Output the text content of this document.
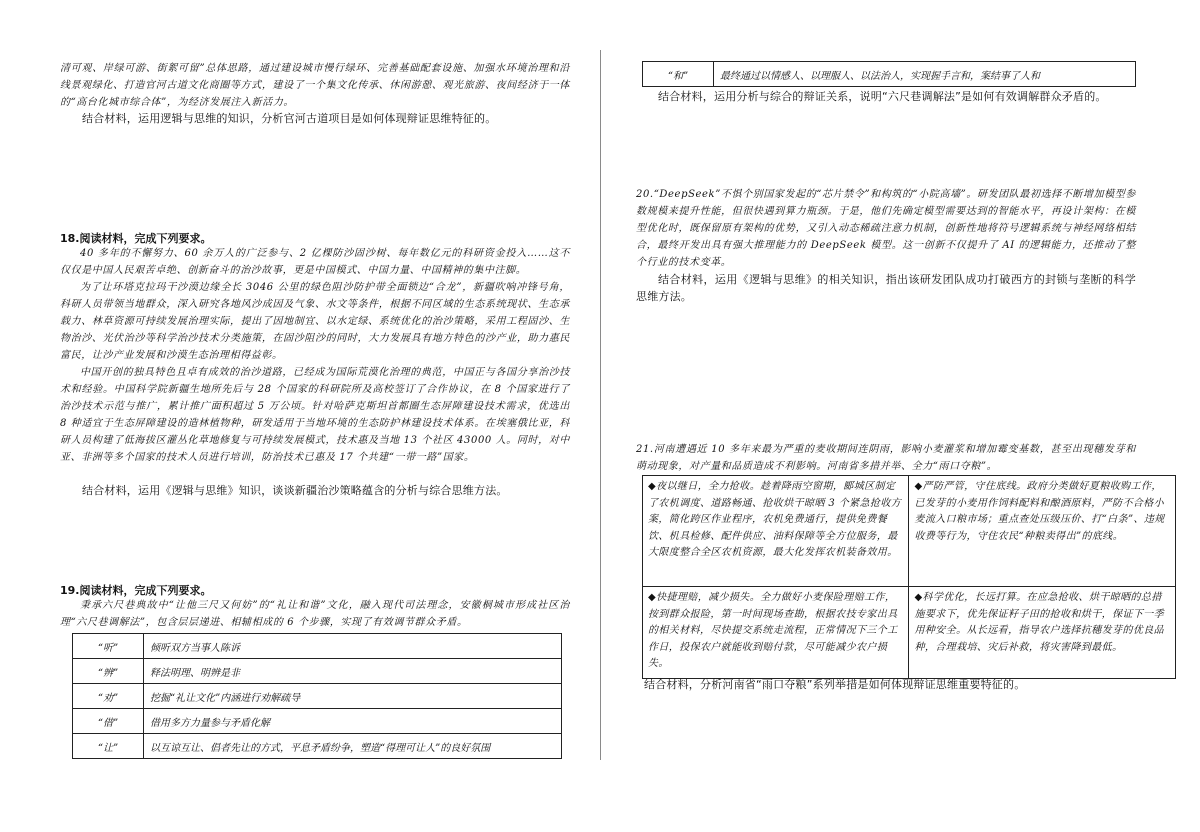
清可观、岸绿可游、街絮可留”总体思路，通过建设城市慢行绿环、完善基础配套设施、加强水环境治理和沿线景观绿化、打造官河古道文化商圈等方式，建设了一个集文化传承、休闲游憩、观光旅游、夜间经济于一体的“高台化城市综合体”，为经济发展注入新活力。

结合材料，运用逻辑与思维的知识，分析官河古道项目是如何体现辩证思维特征的。

18.阅读材料，完成下列要求。

40 多年的不懈努力、60 余万人的广泛参与、2 亿棵防沙固沙树、每年数亿元的科研资金投入……这不仅仅是中国人民艰苦卓绝、创新奋斗的治沙故事，更是中国模式、中国力量、中国精神的集中注脚。

为了让环塔克拉玛干沙漠边缘全长 3046 公里的绿色阻沙防护带全面锁边“合龙”，新疆吹响冲锋号角，科研人员带领当地群众，深入研究各地风沙成因及气象、水文等条件，根据不同区域的生态系统现状、生态承载力、林草资源可持续发展治理实际，提出了因地制宜、以水定绿、系统优化的治沙策略，采用工程固沙、生物治沙、光伏治沙等科学治沙技术分类施策，在固沙阻沙的同时，大力发展具有地方特色的沙产业，助力惠民富民，让沙产业发展和沙漠生态治理相得益彰。

中国开创的独具特色且卓有成效的治沙道路，已经成为国际荒漠化治理的典范，中国正与各国分享治沙技术和经验。中国科学院新疆生地所先后与 28 个国家的科研院所及高校签订了合作协议，在 8 个国家进行了治沙技术示范与推广，累计推广面积超过 5 万公顷。针对哈萨克斯坦首都圈生态屏障建设技术需求，优选出 8 种适宜于生态屏障建设的造林植物种，研发适用于当地环境的生态防护林建设技术体系。在埃塞俄比亚，科研人员构建了低海拔区灌丛化草地修复与可持续发展模式，技术惠及当地 13 个社区 43000 人。同时，对中亚、非洲等多个国家的技术人员进行培训，防治技术已惠及 17 个共建“一带一路”国家。

结合材料，运用《逻辑与思维》知识，谈谈新疆治沙策略蕴含的分析与综合思维方法。

19.阅读材料，完成下列要求。

秉承六尺巷典故中“让他三尺又何妨”的“礼让和谐”文化，融入现代司法理念，安徽桐城市形成社区治理“六尺巷调解法”，包含层层递进、相辅相成的 6 个步骤，实现了有效调节群众矛盾。

“听”	倾听双方当事人陈诉
“辨”	释法明理、明辨是非
“劝”	挖掘“礼让文化”内涵进行劝解疏导
“借”	借用多方力量参与矛盾化解
“让”	以互谅互让、倡者先让的方式，平息矛盾纷争，塑造“得理可让人”的良好氛围
“和”	最终通过以情感人、以理服人、以法治人，实现握手言和，案结事了人和

结合材料，运用分析与综合的辩证关系，说明“六尺巷调解法”是如何有效调解群众矛盾的。

20.“DeepSeek”不惧个别国家发起的“芯片禁令”和构筑的“小院高墙”。研发团队最初选择不断增加模型参数规模来提升性能，但很快遇到算力瓶颈。于是，他们先确定模型需要达到的智能水平，再设计架构：在模型优化时，既保留原有架构的优势，又引入动态稀疏注意力机制，创新性地将符号逻辑系统与神经网络相结合，最终开发出具有强大推理能力的 DeepSeek 模型。这一创新不仅提升了 AI 的逻辑能力，还推动了整个行业的技术变革。

结合材料，运用《逻辑与思维》的相关知识，指出该研发团队成功打破西方的封锁与垄断的科学思维方法。

21.河南遭遇近 10 多年来最为严重的麦收期间连阴雨，影响小麦灌浆和增加霉变基数，甚至出现穗发芽和萌动现象，对产量和品质造成不利影响。河南省多措并举、全力“雨口夺粮”。

◆夜以继日，全力抢收。趁着降雨空窗期，郾城区制定了农机调度、道路畅通、抢收烘干晾晒 3 个紧急抢收方案，简化跨区作业程序，农机免费通行，提供免费餐饮、机具检修、配件供应、油料保障等全方位服务，最大限度整合全区农机资源，最大化发挥农机装备效用。	◆严防严管，守住底线。政府分类做好夏粮收购工作，已发芽的小麦用作饲料配料和酿酒原料，严防不合格小麦流入口粮市场；重点查处压级压价、打“白条”、违规收费等行为，守住农民“种粮卖得出”的底线。
◆快捷理赔，减少损失。全力做好小麦保险理赔工作，按到群众报险，第一时间现场查勘，根据农技专家出具的相关材料，尽快提交系统走流程，正常情况下三个工作日，投保农户就能收到赔付款，尽可能减少农户损失。	◆科学优化，长远打算。在应急抢收、烘干晾晒的总措施要求下，优先保证籽子田的抢收和烘干，保证下一季用种安全。从长远看，指导农户选择抗穗发芽的优良品种，合理栽培、灾后补救，将灾害降到最低。

结合材料，分析河南省“雨口夺粮”系列举措是如何体现辩证思维重要特征的。
